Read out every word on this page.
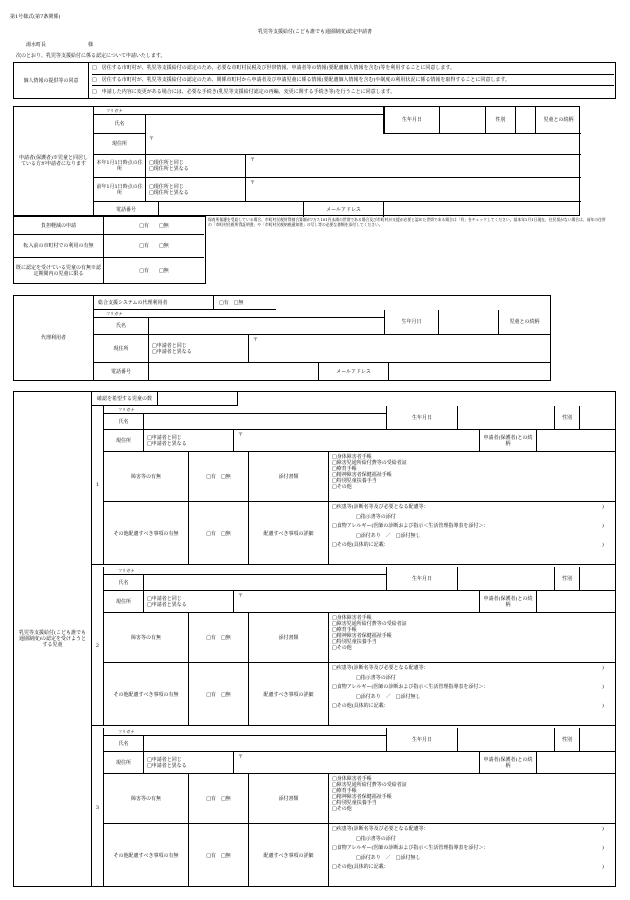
第1号様式(第7条関係)
乳児等支援給付(こども誰でも通園制度)認定申請書
湯水町長	様
次のとおり、乳児等支援給付に係る認定について申請いたします。
個人情報の提供等の同意
□　居住する市町村が、乳児等支援給付の認定のため、必要な市町村民税及び世帯情報、申請者等の情報(要配慮個人情報を含む)等を利用することに同意します。
□　居住する市町村が、乳児等支援給付の認定のため、関係市町村から申請者及び申請児童に係る情報(要配慮個人情報を含む)や制度の利用状況に係る情報を取得することに同意します。
□　申請した内容に変更がある場合には、必要な手続き(乳児等支援給付認定の再編、変更に関する手続き等)を行うことに同意します。
申請者(保護者)※児童と同居している方が申請者になります
フリガナ
氏名
生年月日	性別	児童との続柄
現住所
〒
本年1月1日時点の住所
□現住所と同じ
□現住所と異なる
〒
前年1月1日時点の住所
□現住所と同じ
□現住所と異なる
〒
電話番号	メールアドレス
負担軽減の申請	□有　　□無
転入前の市町村での利用の有無	□有　　□無
既に認定を受けている児童の有無※認定期間内の児童に限る	□有　　□無
保育所保護を受給している場合、市町村民税所得割合算額が7万7,101円未満の世帯である場合及び市町村が支援が必要と認めた世帯である場合は「有」をチェックしてください。基本年1月1日現在、住民票がない場合は、前年の住所の「市町村民税所得証明書」や「市町村民税納税通知書」の写し等の必要な書類を添付してください。
代理利用者
総合支援システムの代理利用者	□有　□無
フリガナ
氏名
生年月日	児童との続柄
現住所	□申請者と同じ
□申請者と異なる
〒
電話番号	メールアドレス
乳児等支援給付(こども誰でも通園制度)の認定を受けようとする児童
確認を希望する児童の数
1
フリガナ
氏名
生年月日	性別
現住所	□申請者と同じ
□申請者と異なる
〒	申請者(保護者)との続柄
障害等の有無	□有　□無	添付書類
□身体障害者手帳
□障害児通所給付費等の受給者証
□療育手帳
□精神障害者保健福祉手帳
□特別児童扶養手当
□その他
その他配慮すべき事項の有無	□有　□無	配慮すべき事項の詳細
□疾患等(診断名等及び必要となる配慮等：	)
□指示書等の添付
□食物アレルギー(医師の診断および指示＜生活管理指導表を添付＞：	)
□添付あり　／　□添付無し
□その他(具体的に記載：	)
2
フリガナ
氏名
生年月日	性別
現住所	□申請者と同じ
□申請者と異なる
〒	申請者(保護者)との続柄
障害等の有無	□有　□無	添付書類
□身体障害者手帳
□障害児通所給付費等の受給者証
□療育手帳
□精神障害者保健福祉手帳
□特別児童扶養手当
□その他
その他配慮すべき事項の有無	□有　□無	配慮すべき事項の詳細
□疾患等(診断名等及び必要となる配慮等：	)
□指示書等の添付
□食物アレルギー(医師の診断および指示＜生活管理指導表を添付＞：	)
□添付あり　／　□添付無し
□その他(具体的に記載：	)
3
フリガナ
氏名
生年月日	性別
現住所	□申請者と同じ
□申請者と異なる
〒	申請者(保護者)との続柄
障害等の有無	□有　□無	添付書類
□身体障害者手帳
□障害児通所給付費等の受給者証
□療育手帳
□精神障害者保健福祉手帳
□特別児童扶養手当
□その他
その他配慮すべき事項の有無	□有　□無	配慮すべき事項の詳細
□疾患等(診断名等及び必要となる配慮等：	)
□指示書等の添付
□食物アレルギー(医師の診断および指示＜生活管理指導表を添付＞：	)
□添付あり　／　□添付無し
□その他(具体的に記載：	)
